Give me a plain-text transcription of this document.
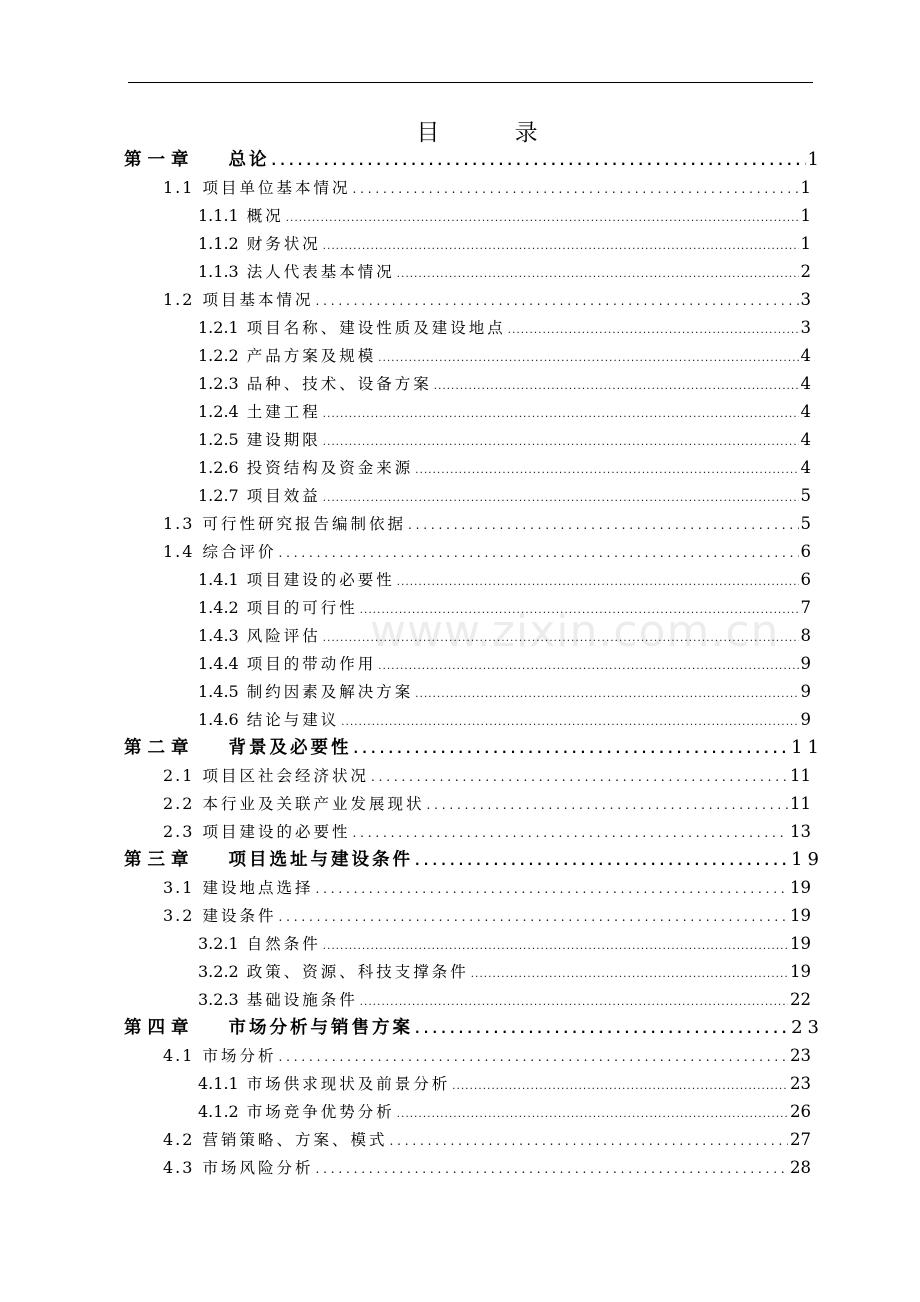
www.zixin.com.cn
目 录
第一章 总论 . . .	1
1.1 项目单位基本情况 . . .	1
1.1.1 概况 . . .	1
1.1.2 财务状况 . . .	1
1.1.3 法人代表基本情况 . . .	2
1.2 项目基本情况 . . .	3
1.2.1 项目名称、建设性质及建设地点 . . .	3
1.2.2 产品方案及规模 . . .	4
1.2.3 品种、技术、设备方案 . . .	4
1.2.4 土建工程 . . .	4
1.2.5 建设期限 . . .	4
1.2.6 投资结构及资金来源 . . .	4
1.2.7 项目效益 . . .	5
1.3 可行性研究报告编制依据 . . .	5
1.4 综合评价 . . .	6
1.4.1 项目建设的必要性 . . .	6
1.4.2 项目的可行性 . . .	7
1.4.3 风险评估 . . .	8
1.4.4 项目的带动作用 . . .	9
1.4.5 制约因素及解决方案 . . .	9
1.4.6 结论与建议 . . .	9
第二章 背景及必要性 . . .	11
2.1 项目区社会经济状况 . . .	11
2.2 本行业及关联产业发展现状 . . .	11
2.3 项目建设的必要性 . . .	13
第三章 项目选址与建设条件 . . .	19
3.1 建设地点选择 . . .	19
3.2 建设条件 . . .	19
3.2.1 自然条件 . . .	19
3.2.2 政策、资源、科技支撑条件 . . .	19
3.2.3 基础设施条件 . . .	22
第四章 市场分析与销售方案 . . .	23
4.1 市场分析 . . .	23
4.1.1 市场供求现状及前景分析 . . .	23
4.1.2 市场竞争优势分析 . . .	26
4.2 营销策略、方案、模式 . . .	27
4.3 市场风险分析 . . .	28
